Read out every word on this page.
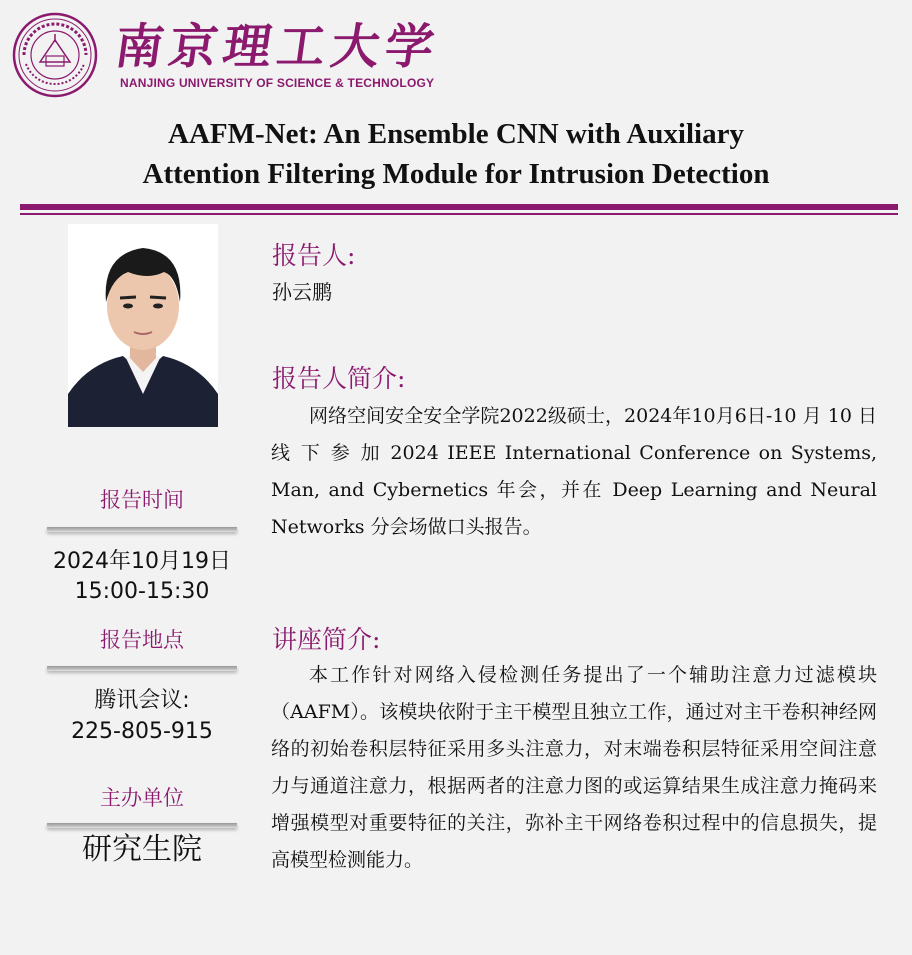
南京理工大学
NANJING UNIVERSITY OF SCIENCE & TECHNOLOGY
AAFM-Net: An Ensemble CNN with Auxiliary
Attention Filtering Module for Intrusion Detection
报告时间
2024年10月19日
15:00-15:30
报告地点
腾讯会议:
225-805-915
主办单位
研究生院
报告人:
孙云鹏
报告人简介:
网络空间安全安全学院2022级硕士，2024年10月6日-10 月 10 日 线 下 参 加 2024 IEEE International Conference on Systems, Man, and Cybernetics 年会，并在 Deep Learning and Neural Networks 分会场做口头报告。
讲座简介:
本工作针对网络入侵检测任务提出了一个辅助注意力过滤模块（AAFM）。该模块依附于主干模型且独立工作，通过对主干卷积神经网络的初始卷积层特征采用多头注意力，对末端卷积层特征采用空间注意力与通道注意力，根据两者的注意力图的或运算结果生成注意力掩码来增强模型对重要特征的关注，弥补主干网络卷积过程中的信息损失，提高模型检测能力。
